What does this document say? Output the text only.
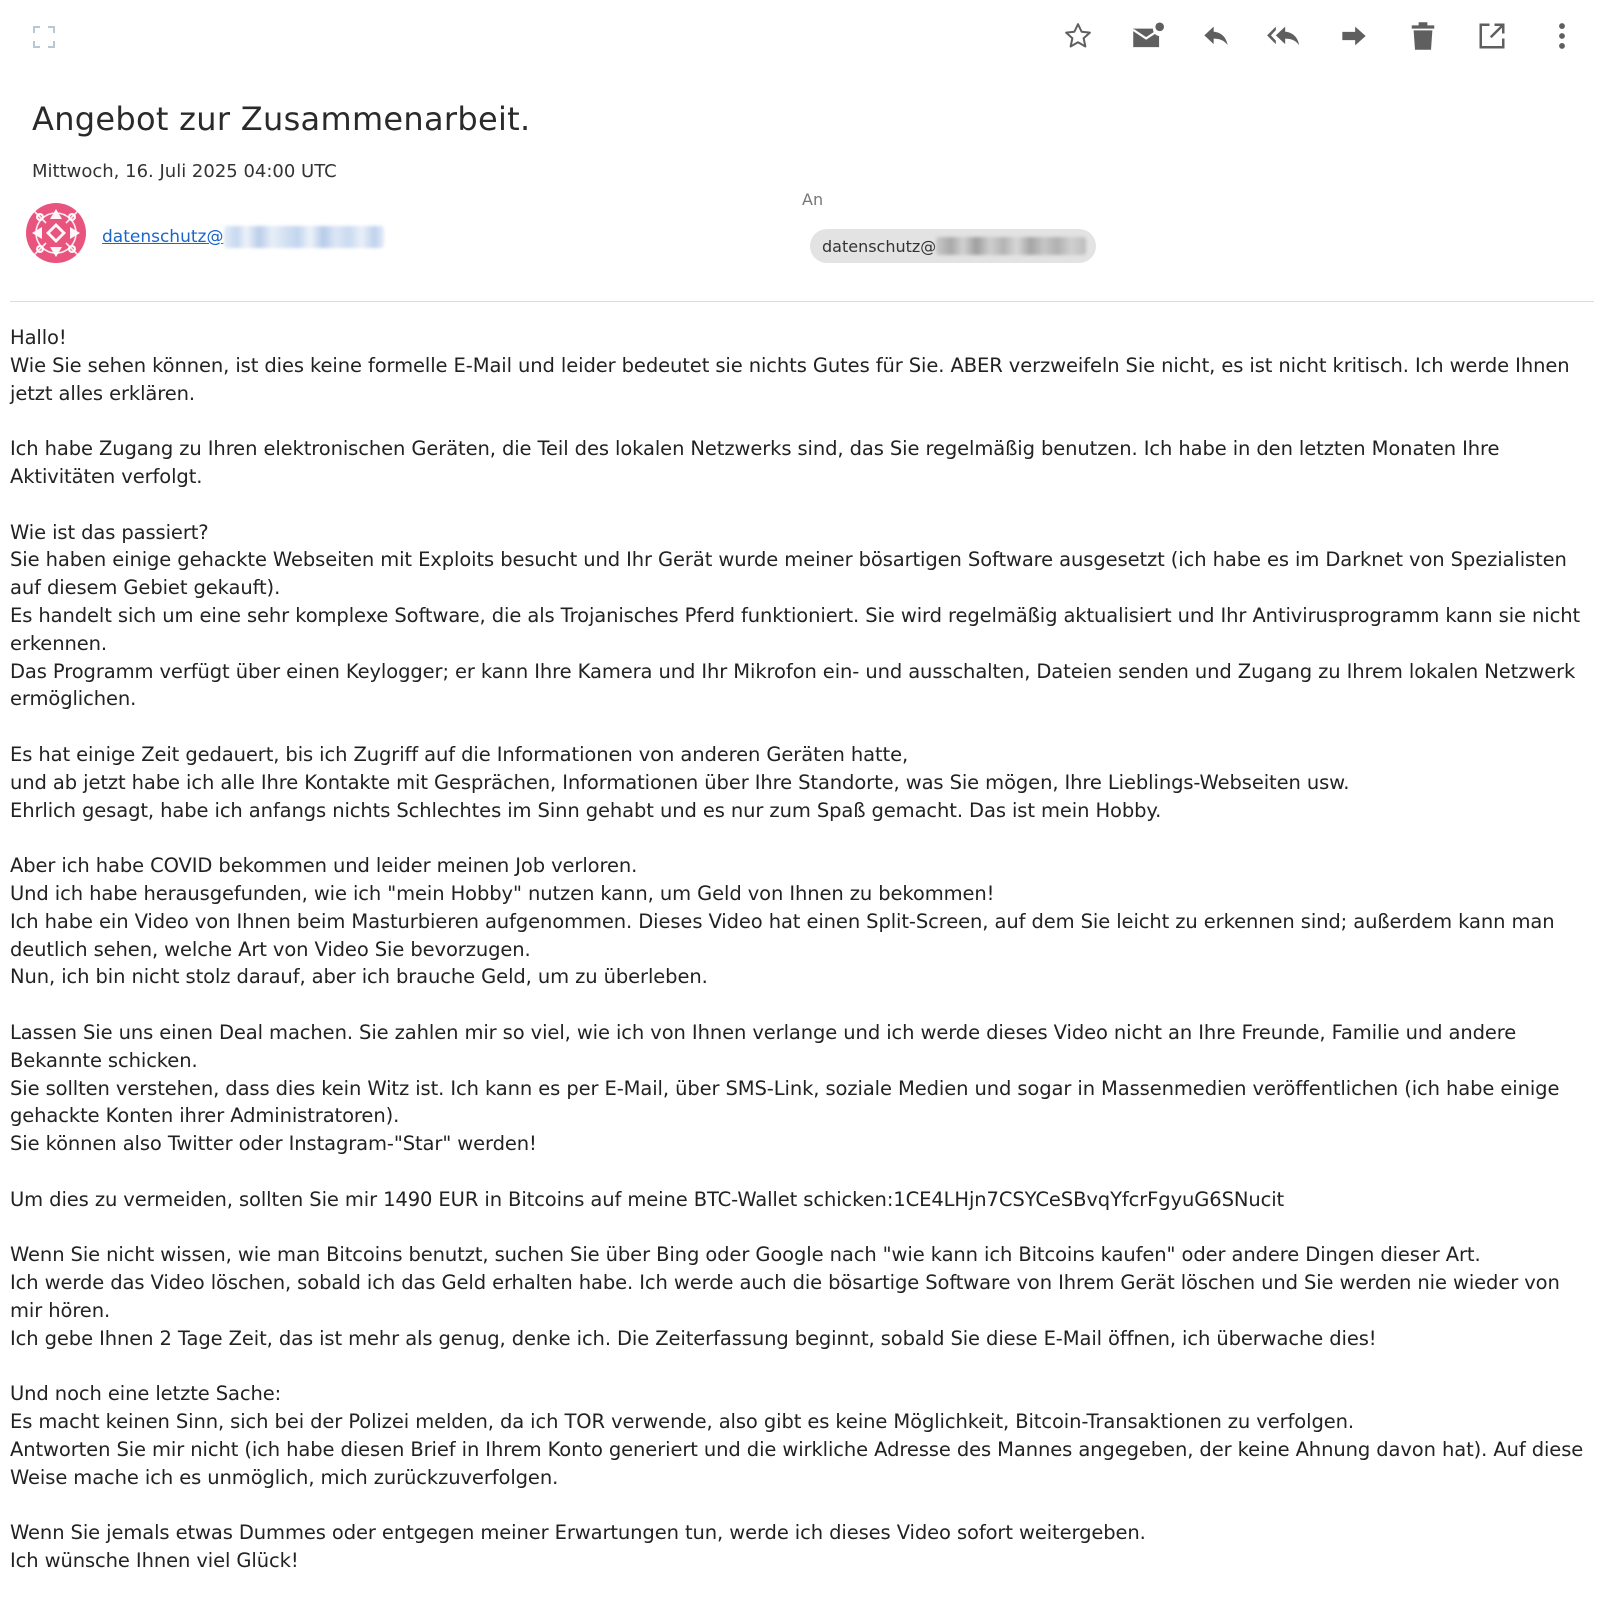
Angebot zur Zusammenarbeit.
Mittwoch, 16. Juli 2025 04:00 UTC
datenschutz@
An
datenschutz@
Hallo!
Wie Sie sehen können, ist dies keine formelle E-Mail und leider bedeutet sie nichts Gutes für Sie. ABER verzweifeln Sie nicht, es ist nicht kritisch. Ich werde Ihnen jetzt alles erklären.

Ich habe Zugang zu Ihren elektronischen Geräten, die Teil des lokalen Netzwerks sind, das Sie regelmäßig benutzen. Ich habe in den letzten Monaten Ihre Aktivitäten verfolgt.

Wie ist das passiert?
Sie haben einige gehackte Webseiten mit Exploits besucht und Ihr Gerät wurde meiner bösartigen Software ausgesetzt (ich habe es im Darknet von Spezialisten auf diesem Gebiet gekauft).
Es handelt sich um eine sehr komplexe Software, die als Trojanisches Pferd funktioniert. Sie wird regelmäßig aktualisiert und Ihr Antivirusprogramm kann sie nicht erkennen.
Das Programm verfügt über einen Keylogger; er kann Ihre Kamera und Ihr Mikrofon ein- und ausschalten, Dateien senden und Zugang zu Ihrem lokalen Netzwerk ermöglichen.

Es hat einige Zeit gedauert, bis ich Zugriff auf die Informationen von anderen Geräten hatte,
und ab jetzt habe ich alle Ihre Kontakte mit Gesprächen, Informationen über Ihre Standorte, was Sie mögen, Ihre Lieblings-Webseiten usw.
Ehrlich gesagt, habe ich anfangs nichts Schlechtes im Sinn gehabt und es nur zum Spaß gemacht. Das ist mein Hobby.

Aber ich habe COVID bekommen und leider meinen Job verloren.
Und ich habe herausgefunden, wie ich "mein Hobby" nutzen kann, um Geld von Ihnen zu bekommen!
Ich habe ein Video von Ihnen beim Masturbieren aufgenommen. Dieses Video hat einen Split-Screen, auf dem Sie leicht zu erkennen sind; außerdem kann man deutlich sehen, welche Art von Video Sie bevorzugen.
Nun, ich bin nicht stolz darauf, aber ich brauche Geld, um zu überleben.

Lassen Sie uns einen Deal machen. Sie zahlen mir so viel, wie ich von Ihnen verlange und ich werde dieses Video nicht an Ihre Freunde, Familie und andere Bekannte schicken.
Sie sollten verstehen, dass dies kein Witz ist. Ich kann es per E-Mail, über SMS-Link, soziale Medien und sogar in Massenmedien veröffentlichen (ich habe einige gehackte Konten ihrer Administratoren).
Sie können also Twitter oder Instagram-"Star" werden!

Um dies zu vermeiden, sollten Sie mir 1490 EUR in Bitcoins auf meine BTC-Wallet schicken:1CE4LHjn7CSYCeSBvqYfcrFgyuG6SNucit

Wenn Sie nicht wissen, wie man Bitcoins benutzt, suchen Sie über Bing oder Google nach "wie kann ich Bitcoins kaufen" oder andere Dingen dieser Art.
Ich werde das Video löschen, sobald ich das Geld erhalten habe. Ich werde auch die bösartige Software von Ihrem Gerät löschen und Sie werden nie wieder von mir hören.
Ich gebe Ihnen 2 Tage Zeit, das ist mehr als genug, denke ich. Die Zeiterfassung beginnt, sobald Sie diese E-Mail öffnen, ich überwache dies!

Und noch eine letzte Sache:
Es macht keinen Sinn, sich bei der Polizei melden, da ich TOR verwende, also gibt es keine Möglichkeit, Bitcoin-Transaktionen zu verfolgen.
Antworten Sie mir nicht (ich habe diesen Brief in Ihrem Konto generiert und die wirkliche Adresse des Mannes angegeben, der keine Ahnung davon hat). Auf diese Weise mache ich es unmöglich, mich zurückzuverfolgen.

Wenn Sie jemals etwas Dummes oder entgegen meiner Erwartungen tun, werde ich dieses Video sofort weitergeben.
Ich wünsche Ihnen viel Glück!
